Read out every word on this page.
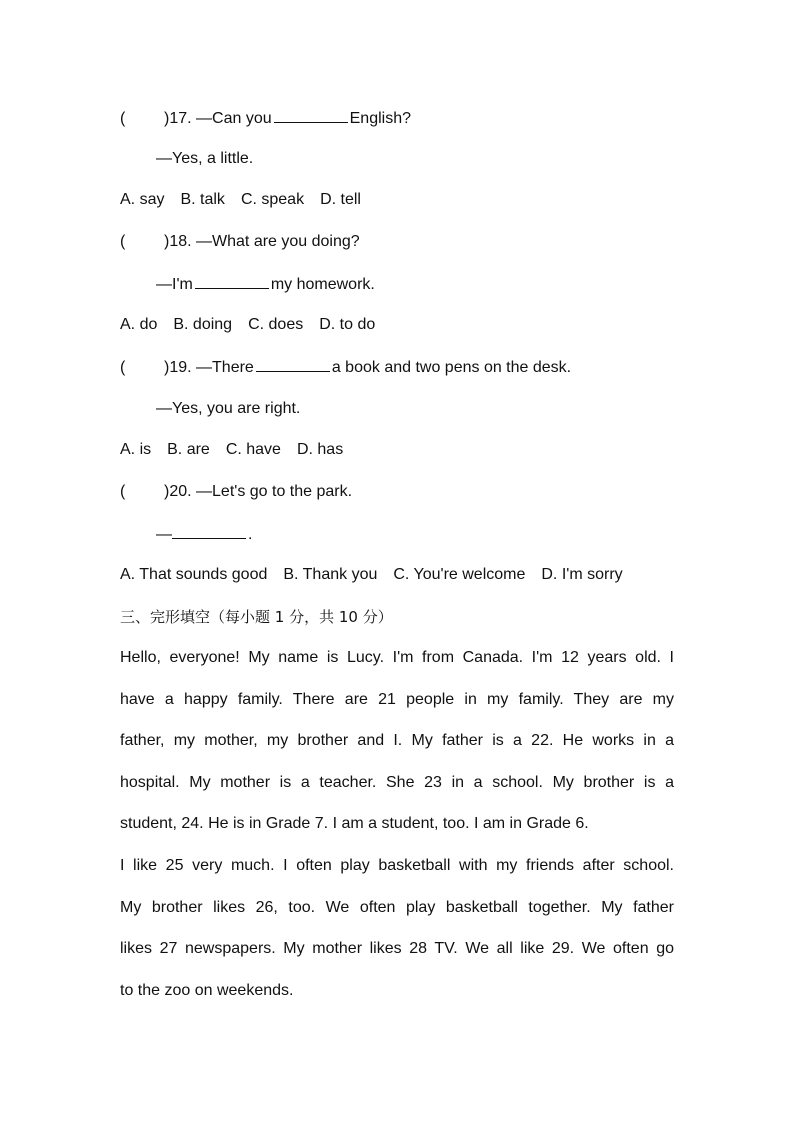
( )17. —Can you	English?
—Yes, a little.
A. say B. talk C. speak D. tell
( )18. —What are you doing?
—I'm	my homework.
A. do B. doing C. does D. to do
( )19. —There	a book and two pens on the desk.
—Yes, you are right.
A. is B. are C. have D. has
( )20. —Let's go to the park.
—	.
A. That sounds good B. Thank you C. You're welcome D. I'm sorry
三、完形填空（每小题 1 分，共 10 分）
Hello, everyone! My name is Lucy. I'm from Canada. I'm 12 years old. I
have a happy family. There are 21 people in my family. They are my
father, my mother, my brother and I. My father is a 22. He works in a
hospital. My mother is a teacher. She 23 in a school. My brother is a
student, 24. He is in Grade 7. I am a student, too. I am in Grade 6.
I like 25 very much. I often play basketball with my friends after school.
My brother likes 26, too. We often play basketball together. My father
likes 27 newspapers. My mother likes 28 TV. We all like 29. We often go
to the zoo on weekends.
